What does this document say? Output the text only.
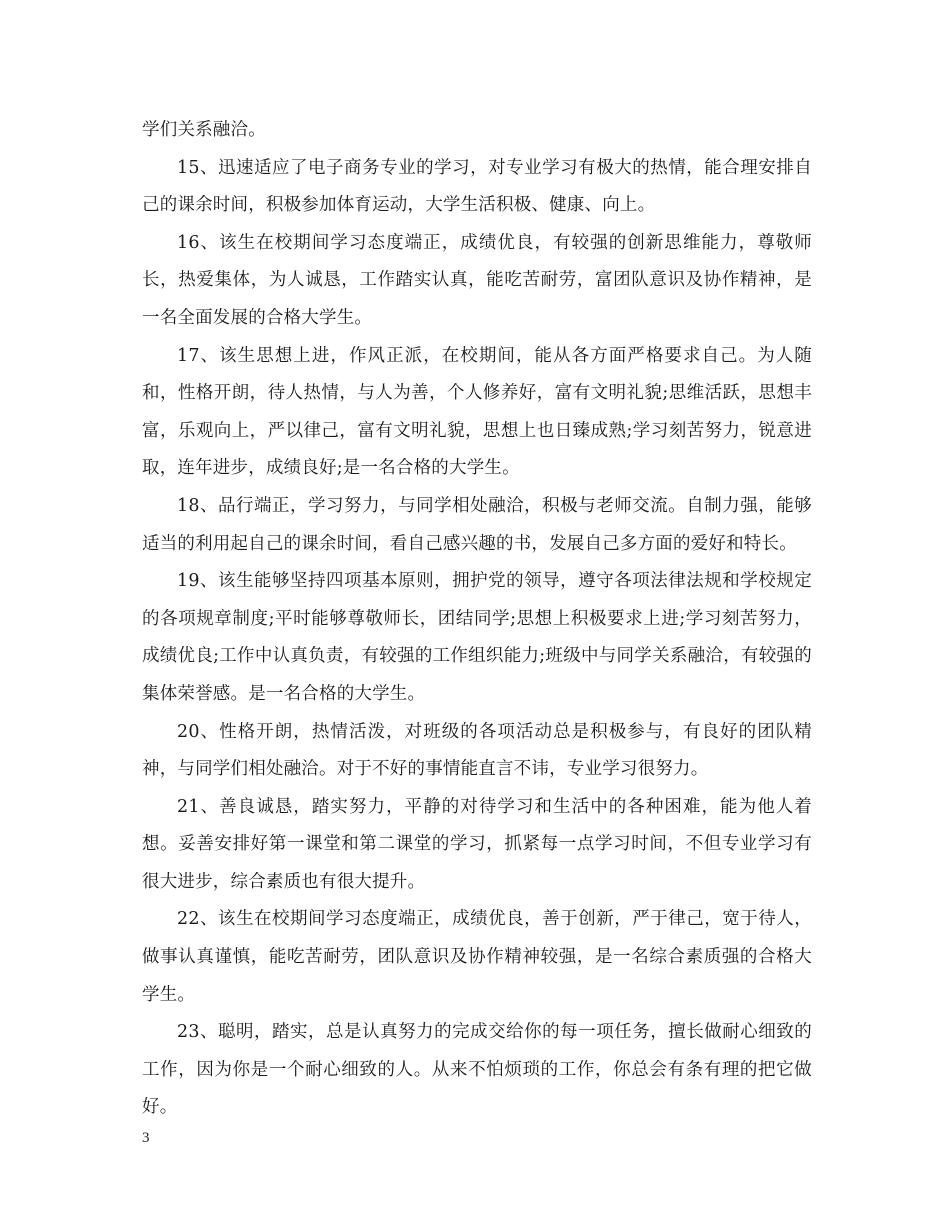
学们关系融洽。

15、迅速适应了电子商务专业的学习，对专业学习有极大的热情，能合理安排自己的课余时间，积极参加体育运动，大学生活积极、健康、向上。

16、该生在校期间学习态度端正，成绩优良，有较强的创新思维能力，尊敬师长，热爱集体，为人诚恳，工作踏实认真，能吃苦耐劳，富团队意识及协作精神，是一名全面发展的合格大学生。

17、该生思想上进，作风正派，在校期间，能从各方面严格要求自己。为人随和，性格开朗，待人热情，与人为善，个人修养好，富有文明礼貌;思维活跃，思想丰富，乐观向上，严以律己，富有文明礼貌，思想上也日臻成熟;学习刻苦努力，锐意进取，连年进步，成绩良好;是一名合格的大学生。

18、品行端正，学习努力，与同学相处融洽，积极与老师交流。自制力强，能够适当的利用起自己的课余时间，看自己感兴趣的书，发展自己多方面的爱好和特长。

19、该生能够坚持四项基本原则，拥护党的领导，遵守各项法律法规和学校规定的各项规章制度;平时能够尊敬师长，团结同学;思想上积极要求上进;学习刻苦努力，成绩优良;工作中认真负责，有较强的工作组织能力;班级中与同学关系融洽，有较强的集体荣誉感。是一名合格的大学生。

20、性格开朗，热情活泼，对班级的各项活动总是积极参与，有良好的团队精神，与同学们相处融洽。对于不好的事情能直言不讳，专业学习很努力。

21、善良诚恳，踏实努力，平静的对待学习和生活中的各种困难，能为他人着想。妥善安排好第一课堂和第二课堂的学习，抓紧每一点学习时间，不但专业学习有很大进步，综合素质也有很大提升。

22、该生在校期间学习态度端正，成绩优良，善于创新，严于律己，宽于待人，做事认真谨慎，能吃苦耐劳，团队意识及协作精神较强，是一名综合素质强的合格大学生。

23、聪明，踏实，总是认真努力的完成交给你的每一项任务，擅长做耐心细致的工作，因为你是一个耐心细致的人。从来不怕烦琐的工作，你总会有条有理的把它做好。

3
